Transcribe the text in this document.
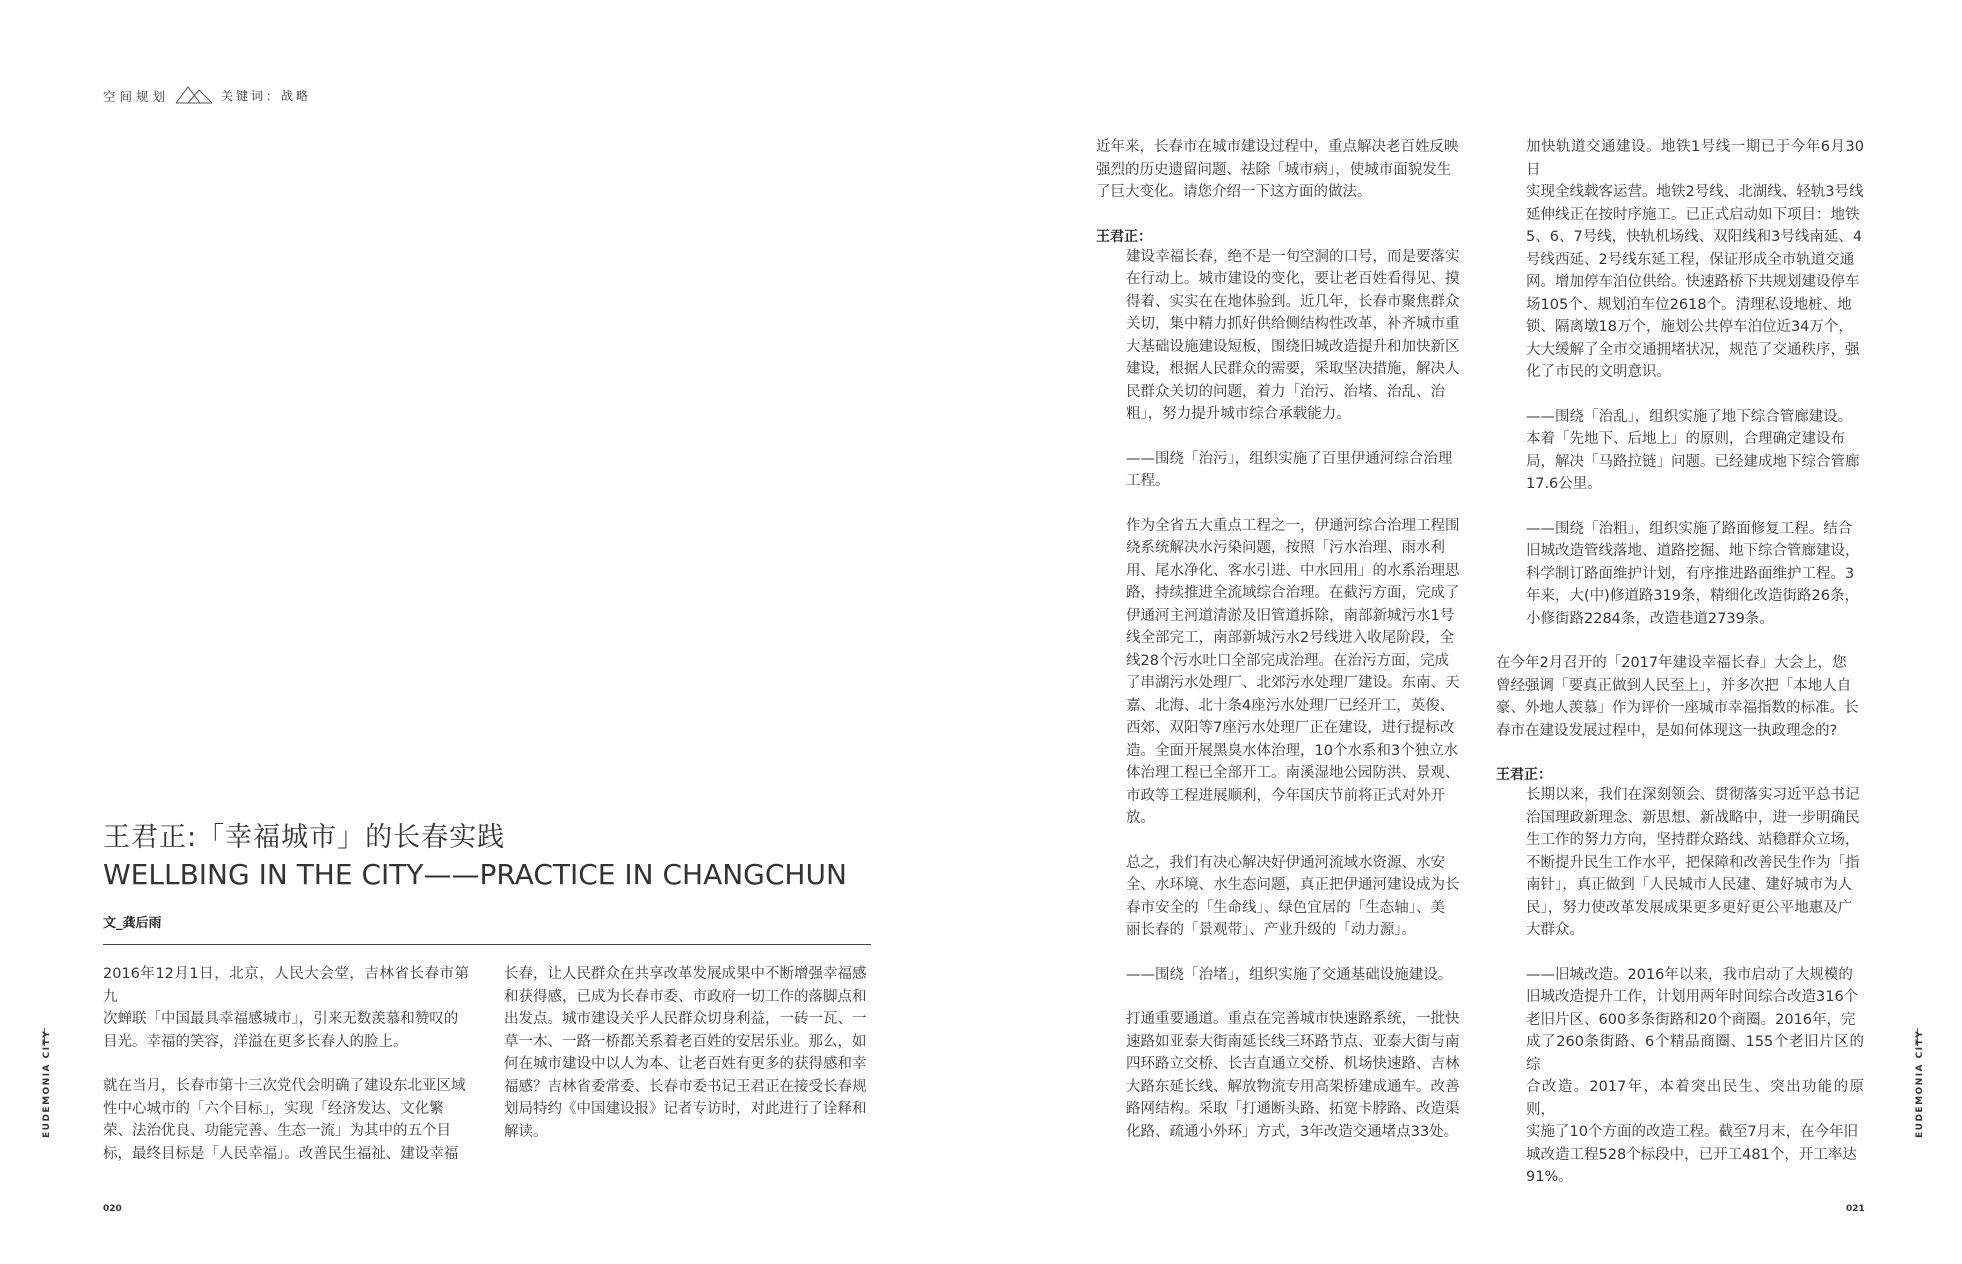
空间规划	关键词：战略
王君正:「幸福城市」的长春实践
WELLBING IN THE CITY——PRACTICE IN CHANGCHUN
文_龚后雨

2016年12月1日，北京，人民大会堂，吉林省长春市第九
次蝉联「中国最具幸福感城市」，引来无数羡慕和赞叹的
目光。幸福的笑容，洋溢在更多长春人的脸上。

就在当月，长春市第十三次党代会明确了建设东北亚区域
性中心城市的「六个目标」，实现「经济发达、文化繁
荣、法治优良、功能完善、生态一流」为其中的五个目
标，最终目标是「人民幸福」。改善民生福祉、建设幸福

长春，让人民群众在共享改革发展成果中不断增强幸福感
和获得感，已成为长春市委、市政府一切工作的落脚点和
出发点。城市建设关乎人民群众切身利益，一砖一瓦、一
草一木、一路一桥都关系着老百姓的安居乐业。那么，如
何在城市建设中以人为本、让老百姓有更多的获得感和幸
福感？吉林省委常委、长春市委书记王君正在接受长春规
划局特约《中国建设报》记者专访时，对此进行了诠释和
解读。

近年来，长春市在城市建设过程中，重点解决老百姓反映
强烈的历史遗留问题、祛除「城市病」，使城市面貌发生
了巨大变化。请您介绍一下这方面的做法。

王君正：

建设幸福长春，绝不是一句空洞的口号，而是要落实
在行动上。城市建设的变化，要让老百姓看得见、摸
得着、实实在在地体验到。近几年，长春市聚焦群众
关切，集中精力抓好供给侧结构性改革，补齐城市重
大基础设施建设短板，围绕旧城改造提升和加快新区
建设，根据人民群众的需要，采取坚决措施，解决人
民群众关切的问题，着力「治污、治堵、治乱、治
粗」，努力提升城市综合承载能力。

——围绕「治污」，组织实施了百里伊通河综合治理
工程。

作为全省五大重点工程之一，伊通河综合治理工程围
绕系统解决水污染问题，按照「污水治理、雨水利
用、尾水净化、客水引进、中水回用」的水系治理思
路，持续推进全流域综合治理。在截污方面，完成了
伊通河主河道清淤及旧管道拆除，南部新城污水1号
线全部完工，南部新城污水2号线进入收尾阶段，全
线28个污水吐口全部完成治理。在治污方面，完成
了串湖污水处理厂、北郊污水处理厂建设。东南、天
嘉、北海、北十条4座污水处理厂已经开工，英俊、
西郊、双阳等7座污水处理厂正在建设，进行提标改
造。全面开展黑臭水体治理，10个水系和3个独立水
体治理工程已全部开工。南溪湿地公园防洪、景观、
市政等工程进展顺利，今年国庆节前将正式对外开
放。

总之，我们有决心解决好伊通河流域水资源、水安
全、水环境、水生态问题，真正把伊通河建设成为长
春市安全的「生命线」、绿色宜居的「生态轴」、美
丽长春的「景观带」、产业升级的「动力源」。

——围绕「治堵」，组织实施了交通基础设施建设。

打通重要通道。重点在完善城市快速路系统，一批快
速路如亚泰大街南延长线三环路节点、亚泰大街与南
四环路立交桥、长吉直通立交桥、机场快速路、吉林
大路东延长线、解放物流专用高架桥建成通车。改善
路网结构。采取「打通断头路、拓宽卡脖路、改造渠
化路、疏通小外环」方式，3年改造交通堵点33处。

加快轨道交通建设。地铁1号线一期已于今年6月30日
实现全线载客运营。地铁2号线、北湖线、轻轨3号线
延伸线正在按时序施工。已正式启动如下项目：地铁
5、6、7号线，快轨机场线、双阳线和3号线南延、4
号线西延、2号线东延工程，保证形成全市轨道交通
网。增加停车泊位供给。快速路桥下共规划建设停车
场105个、规划泊车位2618个。清理私设地桩、地
锁、隔离墩18万个，施划公共停车泊位近34万个，
大大缓解了全市交通拥堵状况，规范了交通秩序，强
化了市民的文明意识。

——围绕「治乱」，组织实施了地下综合管廊建设。
本着「先地下、后地上」的原则，合理确定建设布
局，解决「马路拉链」问题。已经建成地下综合管廊
17.6公里。

——围绕「治粗」，组织实施了路面修复工程。结合
旧城改造管线落地、道路挖掘、地下综合管廊建设，
科学制订路面维护计划，有序推进路面维护工程。3
年来，大(中)修道路319条，精细化改造街路26条，
小修街路2284条，改造巷道2739条。

在今年2月召开的「2017年建设幸福长春」大会上，您
曾经强调「要真正做到人民至上」，并多次把「本地人自
豪、外地人羡慕」作为评价一座城市幸福指数的标准。长
春市在建设发展过程中，是如何体现这一执政理念的?

王君正：

长期以来，我们在深刻领会、贯彻落实习近平总书记
治国理政新理念、新思想、新战略中，进一步明确民
生工作的努力方向，坚持群众路线、站稳群众立场，
不断提升民生工作水平，把保障和改善民生作为「指
南针」，真正做到「人民城市人民建、建好城市为人
民」，努力使改革发展成果更多更好更公平地惠及广
大群众。

——旧城改造。2016年以来，我市启动了大规模的
旧城改造提升工作，计划用两年时间综合改造316个
老旧片区、600多条街路和20个商圈。2016年，完
成了260条街路、6个精品商圈、155个老旧片区的综
合改造。2017年，本着突出民生、突出功能的原则，
实施了10个方面的改造工程。截至7月末，在今年旧
城改造工程528个标段中，已开工481个，开工率达
91%。

EUDEMONIA CITY	EUDEMONIA CITY
020	021
